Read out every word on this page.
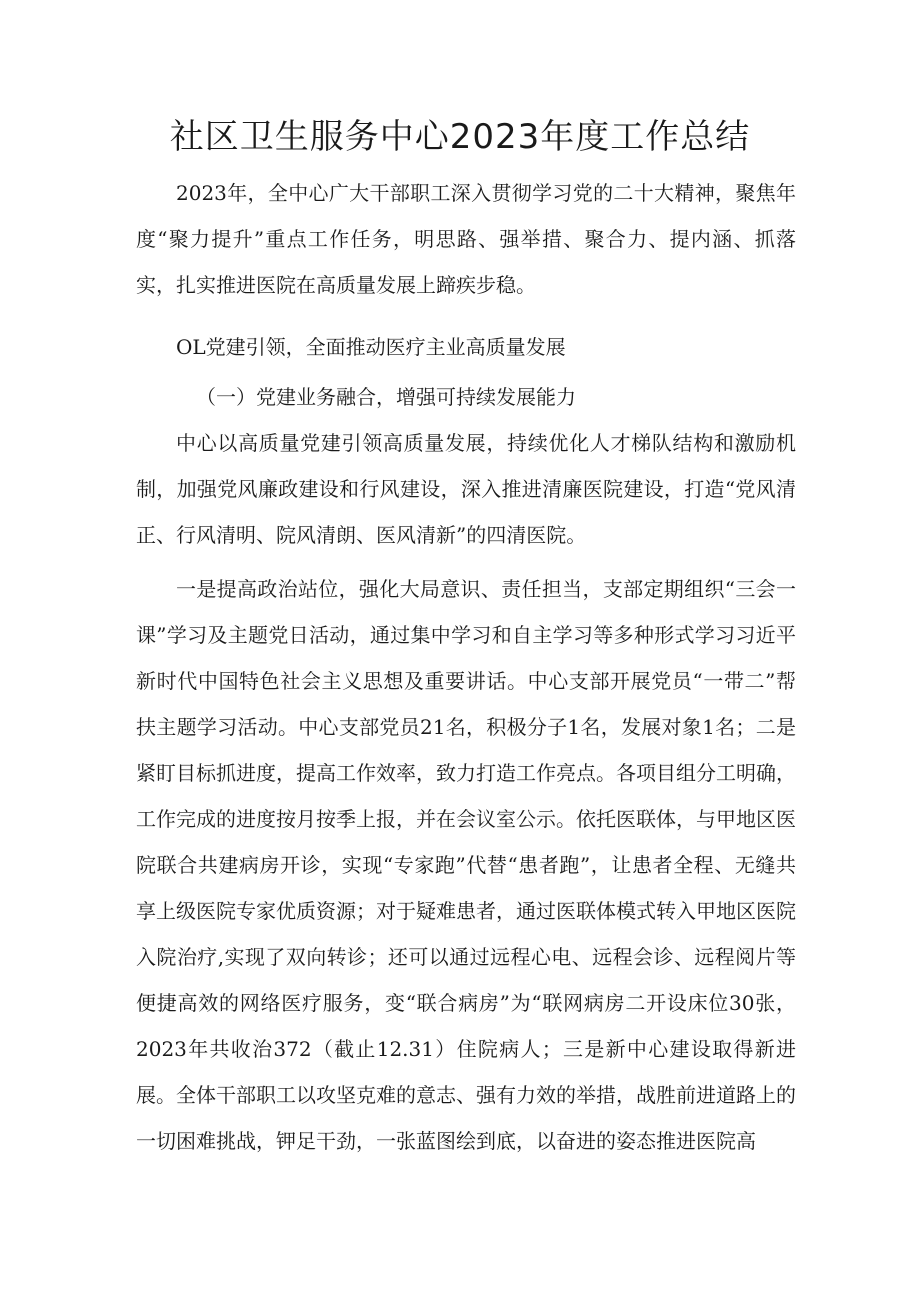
社区卫生服务中心2023年度工作总结

2023年，全中心广大干部职工深入贯彻学习党的二十大精神，聚焦年度“聚力提升”重点工作任务，明思路、强举措、聚合力、提内涵、抓落实，扎实推进医院在高质量发展上蹄疾步稳。

OL党建引领，全面推动医疗主业高质量发展

（一）党建业务融合，增强可持续发展能力

中心以高质量党建引领高质量发展，持续优化人才梯队结构和激励机制，加强党风廉政建设和行风建设，深入推进清廉医院建设，打造“党风清正、行风清明、院风清朗、医风清新”的四清医院。

一是提高政治站位，强化大局意识、责任担当，支部定期组织“三会一课”学习及主题党日活动，通过集中学习和自主学习等多种形式学习习近平新时代中国特色社会主义思想及重要讲话。中心支部开展党员“一带二”帮扶主题学习活动。中心支部党员21名，积极分子1名，发展对象1名；二是紧盯目标抓进度，提高工作效率，致力打造工作亮点。各项目组分工明确，工作完成的进度按月按季上报，并在会议室公示。依托医联体，与甲地区医院联合共建病房开诊，实现“专家跑”代替“患者跑”，让患者全程、无缝共享上级医院专家优质资源；对于疑难患者，通过医联体模式转入甲地区医院入院治疗,实现了双向转诊；还可以通过远程心电、远程会诊、远程阅片等便捷高效的网络医疗服务，变“联合病房”为“联网病房二开设床位30张，2023年共收治372（截止12.31）住院病人；三是新中心建设取得新进展。全体干部职工以攻坚克难的意志、强有力效的举措，战胜前进道路上的一切困难挑战，钾足干劲，一张蓝图绘到底，以奋进的姿态推进医院高
